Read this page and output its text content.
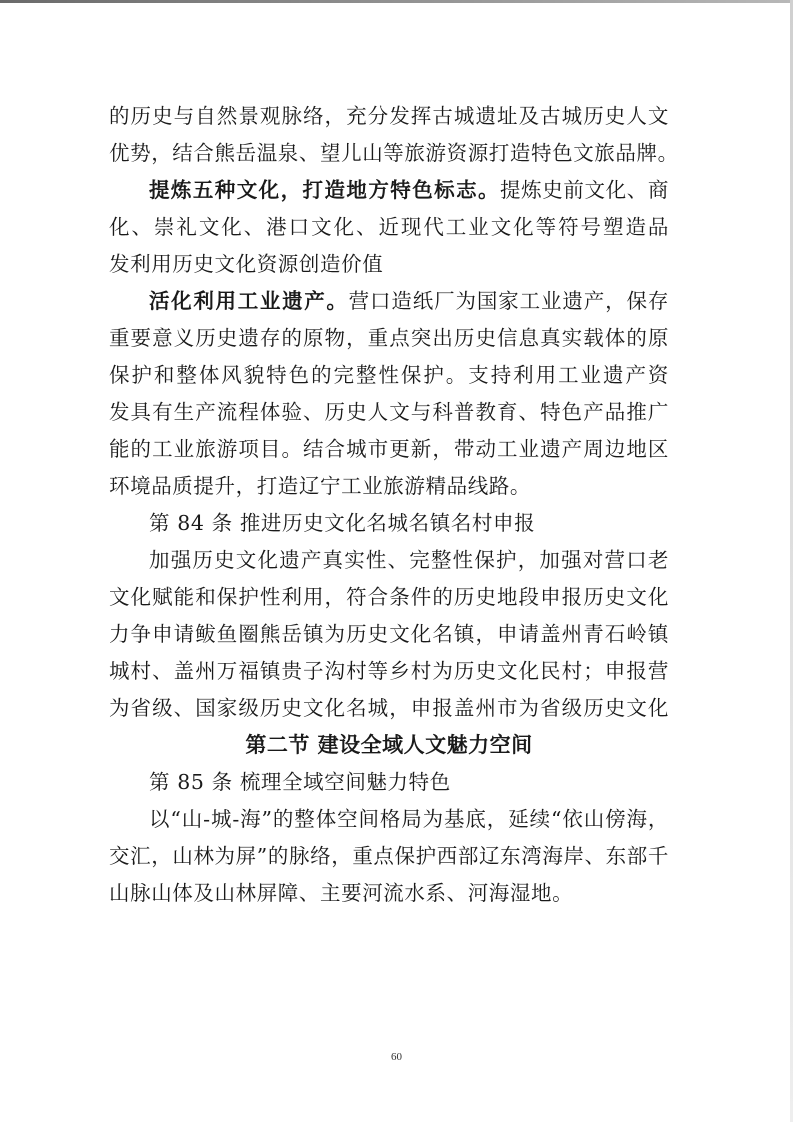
的历史与自然景观脉络，充分发挥古城遗址及古城历史人文

优势，结合熊岳温泉、望儿山等旅游资源打造特色文旅品牌。

提炼五种文化，打造地方特色标志。提炼史前文化、商

化、崇礼文化、港口文化、近现代工业文化等符号塑造品

发利用历史文化资源创造价值

活化利用工业遗产。营口造纸厂为国家工业遗产，保存

重要意义历史遗存的原物，重点突出历史信息真实载体的原

保护和整体风貌特色的完整性保护。支持利用工业遗产资

发具有生产流程体验、历史人文与科普教育、特色产品推广

能的工业旅游项目。结合城市更新，带动工业遗产周边地区

环境品质提升，打造辽宁工业旅游精品线路。

第 84 条 推进历史文化名城名镇名村申报

加强历史文化遗产真实性、完整性保护，加强对营口老

文化赋能和保护性利用，符合条件的历史地段申报历史文化

力争申请鲅鱼圈熊岳镇为历史文化名镇，申请盖州青石岭镇

城村、盖州万福镇贵子沟村等乡村为历史文化民村；申报营

为省级、国家级历史文化名城，申报盖州市为省级历史文化

第二节 建设全域人文魅力空间

第 85 条 梳理全域空间魅力特色

以“山-城-海”的整体空间格局为基底，延续“依山傍海，

交汇，山林为屏”的脉络，重点保护西部辽东湾海岸、东部千

山脉山体及山林屏障、主要河流水系、河海湿地。

60
